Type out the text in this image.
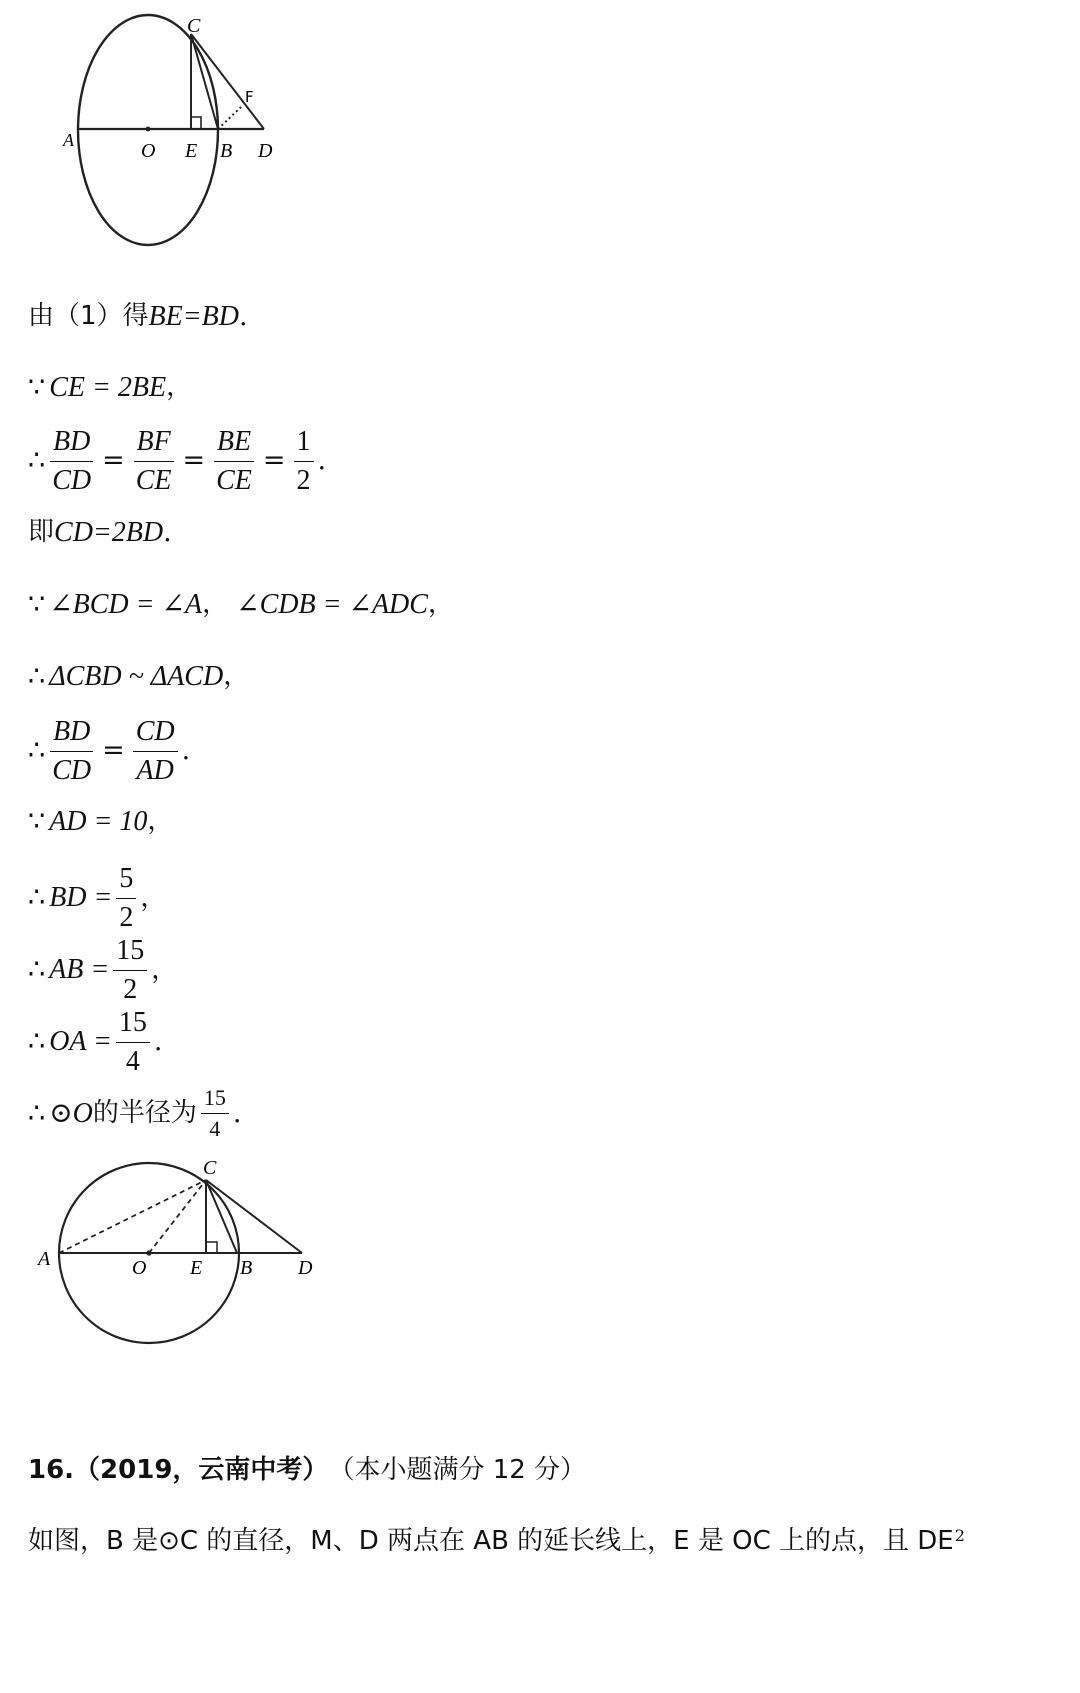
A	O E B D
C
F
由（1）得 BE=BD .
∵ CE = 2BE ，
∴ $\frac{BD}{CD} = \frac{BF}{CE} = \frac{BE}{CE} = \frac{1}{2}$ .
即 CD=2BD .
∵ ∠BCD = ∠A ， ∠CDB = ∠ADC ，
∴ ΔCBD ~ ΔACD ，
∴ $\frac{BD}{CD} = \frac{CD}{AD}$ .
∵ AD = 10 ，
∴ BD = $\frac{5}{2}$ ，
∴ AB = $\frac{15}{2}$ ，
∴ OA = $\frac{15}{4}$ .
∴ ⊙O 的半径为 $\frac{15}{4}$ .
A	O E B D
C
16.（2019，云南中考） （本小题满分 12 分）
如图，B 是⊙C 的直径，M、D 两点在 AB 的延长线上，E 是 OC 上的点，且 $DE^2$
